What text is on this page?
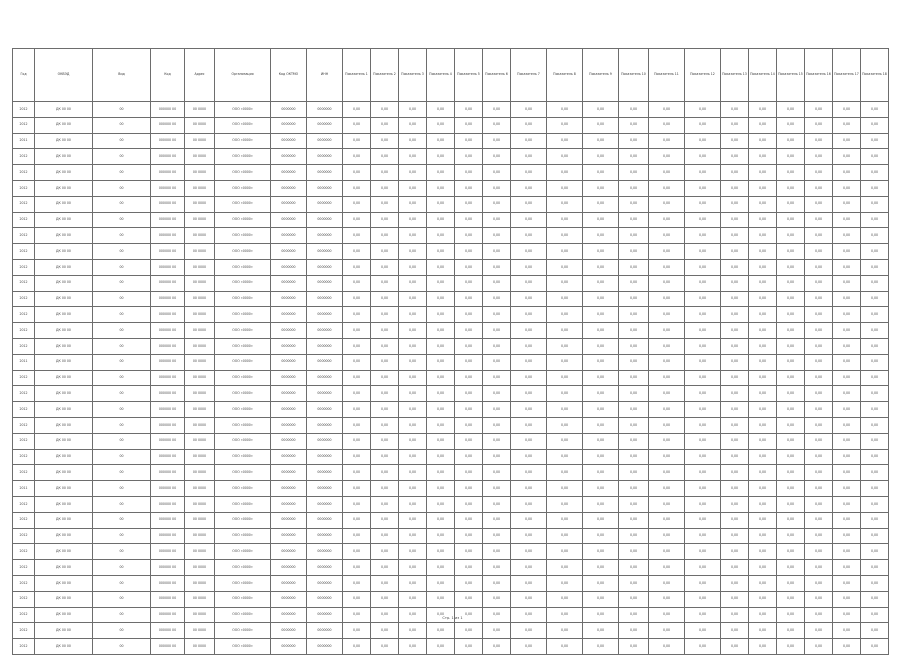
Год	ОКВЭД	Вид	Код	Адрес	Организация	Код ОКТМО	ИНН	Показатель 1	Показатель 2	Показатель 3	Показатель 4	Показатель 5	Показатель 6	Показатель 7	Показатель 8	Показатель 9	Показатель 10	Показатель 11	Показатель 12	Показатель 13	Показатель 14	Показатель 15	Показатель 16	Показатель 17	Показатель 18
2012	ДК 00 00	00	000000 00	00 0000	ООО «0000»	0000000	0000000	0,00	0,00	0,00	0,00	0,00	0,00	0,00	0,00	0,00	0,00	0,00	0,00	0,00	0,00	0,00	0,00	0,00	0,00
2012	ДК 00 00	00	000000 00	00 0000	ООО «0000»	0000000	0000000	0,00	0,00	0,00	0,00	0,00	0,00	0,00	0,00	0,00	0,00	0,00	0,00	0,00	0,00	0,00	0,00	0,00	0,00
2011	ДК 00 00	00	000000 00	00 0000	ООО «0000»	0000000	0000000	0,00	0,00	0,00	0,00	0,00	0,00	0,00	0,00	0,00	0,00	0,00	0,00	0,00	0,00	0,00	0,00	0,00	0,00
2012	ДК 00 00	00	000000 00	00 0000	ООО «0000»	0000000	0000000	0,00	0,00	0,00	0,00	0,00	0,00	0,00	0,00	0,00	0,00	0,00	0,00	0,00	0,00	0,00	0,00	0,00	0,00
2012	ДК 00 00	00	000000 00	00 0000	ООО «0000»	0000000	0000000	0,00	0,00	0,00	0,00	0,00	0,00	0,00	0,00	0,00	0,00	0,00	0,00	0,00	0,00	0,00	0,00	0,00	0,00
2012	ДК 00 00	00	000000 00	00 0000	ООО «0000»	0000000	0000000	0,00	0,00	0,00	0,00	0,00	0,00	0,00	0,00	0,00	0,00	0,00	0,00	0,00	0,00	0,00	0,00	0,00	0,00
2012	ДК 00 00	00	000000 00	00 0000	ООО «0000»	0000000	0000000	0,00	0,00	0,00	0,00	0,00	0,00	0,00	0,00	0,00	0,00	0,00	0,00	0,00	0,00	0,00	0,00	0,00	0,00
2012	ДК 00 00	00	000000 00	00 0000	ООО «0000»	0000000	0000000	0,00	0,00	0,00	0,00	0,00	0,00	0,00	0,00	0,00	0,00	0,00	0,00	0,00	0,00	0,00	0,00	0,00	0,00
2012	ДК 00 00	00	000000 00	00 0000	ООО «0000»	0000000	0000000	0,00	0,00	0,00	0,00	0,00	0,00	0,00	0,00	0,00	0,00	0,00	0,00	0,00	0,00	0,00	0,00	0,00	0,00
2012	ДК 00 00	00	000000 00	00 0000	ООО «0000»	0000000	0000000	0,00	0,00	0,00	0,00	0,00	0,00	0,00	0,00	0,00	0,00	0,00	0,00	0,00	0,00	0,00	0,00	0,00	0,00
2012	ДК 00 00	00	000000 00	00 0000	ООО «0000»	0000000	0000000	0,00	0,00	0,00	0,00	0,00	0,00	0,00	0,00	0,00	0,00	0,00	0,00	0,00	0,00	0,00	0,00	0,00	0,00
2012	ДК 00 00	00	000000 00	00 0000	ООО «0000»	0000000	0000000	0,00	0,00	0,00	0,00	0,00	0,00	0,00	0,00	0,00	0,00	0,00	0,00	0,00	0,00	0,00	0,00	0,00	0,00
2012	ДК 00 00	00	000000 00	00 0000	ООО «0000»	0000000	0000000	0,00	0,00	0,00	0,00	0,00	0,00	0,00	0,00	0,00	0,00	0,00	0,00	0,00	0,00	0,00	0,00	0,00	0,00
2012	ДК 00 00	00	000000 00	00 0000	ООО «0000»	0000000	0000000	0,00	0,00	0,00	0,00	0,00	0,00	0,00	0,00	0,00	0,00	0,00	0,00	0,00	0,00	0,00	0,00	0,00	0,00
2012	ДК 00 00	00	000000 00	00 0000	ООО «0000»	0000000	0000000	0,00	0,00	0,00	0,00	0,00	0,00	0,00	0,00	0,00	0,00	0,00	0,00	0,00	0,00	0,00	0,00	0,00	0,00
2012	ДК 00 00	00	000000 00	00 0000	ООО «0000»	0000000	0000000	0,00	0,00	0,00	0,00	0,00	0,00	0,00	0,00	0,00	0,00	0,00	0,00	0,00	0,00	0,00	0,00	0,00	0,00
2011	ДК 00 00	00	000000 00	00 0000	ООО «0000»	0000000	0000000	0,00	0,00	0,00	0,00	0,00	0,00	0,00	0,00	0,00	0,00	0,00	0,00	0,00	0,00	0,00	0,00	0,00	0,00
2012	ДК 00 00	00	000000 00	00 0000	ООО «0000»	0000000	0000000	0,00	0,00	0,00	0,00	0,00	0,00	0,00	0,00	0,00	0,00	0,00	0,00	0,00	0,00	0,00	0,00	0,00	0,00
2012	ДК 00 00	00	000000 00	00 0000	ООО «0000»	0000000	0000000	0,00	0,00	0,00	0,00	0,00	0,00	0,00	0,00	0,00	0,00	0,00	0,00	0,00	0,00	0,00	0,00	0,00	0,00
2012	ДК 00 00	00	000000 00	00 0000	ООО «0000»	0000000	0000000	0,00	0,00	0,00	0,00	0,00	0,00	0,00	0,00	0,00	0,00	0,00	0,00	0,00	0,00	0,00	0,00	0,00	0,00
2012	ДК 00 00	00	000000 00	00 0000	ООО «0000»	0000000	0000000	0,00	0,00	0,00	0,00	0,00	0,00	0,00	0,00	0,00	0,00	0,00	0,00	0,00	0,00	0,00	0,00	0,00	0,00
2012	ДК 00 00	00	000000 00	00 0000	ООО «0000»	0000000	0000000	0,00	0,00	0,00	0,00	0,00	0,00	0,00	0,00	0,00	0,00	0,00	0,00	0,00	0,00	0,00	0,00	0,00	0,00
2012	ДК 00 00	00	000000 00	00 0000	ООО «0000»	0000000	0000000	0,00	0,00	0,00	0,00	0,00	0,00	0,00	0,00	0,00	0,00	0,00	0,00	0,00	0,00	0,00	0,00	0,00	0,00
2012	ДК 00 00	00	000000 00	00 0000	ООО «0000»	0000000	0000000	0,00	0,00	0,00	0,00	0,00	0,00	0,00	0,00	0,00	0,00	0,00	0,00	0,00	0,00	0,00	0,00	0,00	0,00
2011	ДК 00 00	00	000000 00	00 0000	ООО «0000»	0000000	0000000	0,00	0,00	0,00	0,00	0,00	0,00	0,00	0,00	0,00	0,00	0,00	0,00	0,00	0,00	0,00	0,00	0,00	0,00
2012	ДК 00 00	00	000000 00	00 0000	ООО «0000»	0000000	0000000	0,00	0,00	0,00	0,00	0,00	0,00	0,00	0,00	0,00	0,00	0,00	0,00	0,00	0,00	0,00	0,00	0,00	0,00
2012	ДК 00 00	00	000000 00	00 0000	ООО «0000»	0000000	0000000	0,00	0,00	0,00	0,00	0,00	0,00	0,00	0,00	0,00	0,00	0,00	0,00	0,00	0,00	0,00	0,00	0,00	0,00
2012	ДК 00 00	00	000000 00	00 0000	ООО «0000»	0000000	0000000	0,00	0,00	0,00	0,00	0,00	0,00	0,00	0,00	0,00	0,00	0,00	0,00	0,00	0,00	0,00	0,00	0,00	0,00
2012	ДК 00 00	00	000000 00	00 0000	ООО «0000»	0000000	0000000	0,00	0,00	0,00	0,00	0,00	0,00	0,00	0,00	0,00	0,00	0,00	0,00	0,00	0,00	0,00	0,00	0,00	0,00
2012	ДК 00 00	00	000000 00	00 0000	ООО «0000»	0000000	0000000	0,00	0,00	0,00	0,00	0,00	0,00	0,00	0,00	0,00	0,00	0,00	0,00	0,00	0,00	0,00	0,00	0,00	0,00
2012	ДК 00 00	00	000000 00	00 0000	ООО «0000»	0000000	0000000	0,00	0,00	0,00	0,00	0,00	0,00	0,00	0,00	0,00	0,00	0,00	0,00	0,00	0,00	0,00	0,00	0,00	0,00
2012	ДК 00 00	00	000000 00	00 0000	ООО «0000»	0000000	0000000	0,00	0,00	0,00	0,00	0,00	0,00	0,00	0,00	0,00	0,00	0,00	0,00	0,00	0,00	0,00	0,00	0,00	0,00
2012	ДК 00 00	00	000000 00	00 0000	ООО «0000»	0000000	0000000	0,00	0,00	0,00	0,00	0,00	0,00	0,00	0,00	0,00	0,00	0,00	0,00	0,00	0,00	0,00	0,00	0,00	0,00
2012	ДК 00 00	00	000000 00	00 0000	ООО «0000»	0000000	0000000	0,00	0,00	0,00	0,00	0,00	0,00	0,00	0,00	0,00	0,00	0,00	0,00	0,00	0,00	0,00	0,00	0,00	0,00
2012	ДК 00 00	00	000000 00	00 0000	ООО «0000»	0000000	0000000	0,00	0,00	0,00	0,00	0,00	0,00	0,00	0,00	0,00	0,00	0,00	0,00	0,00	0,00	0,00	0,00	0,00	0,00
Стр. 1 из 1
